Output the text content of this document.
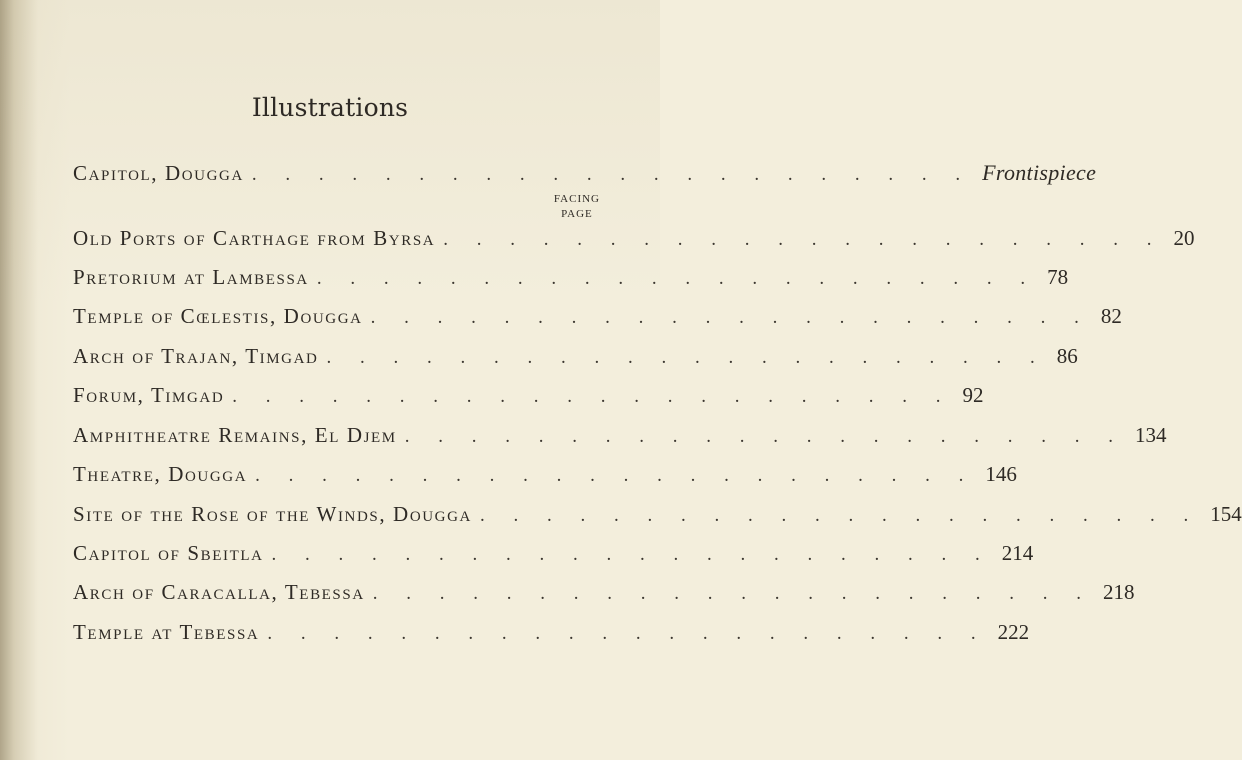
Illustrations
Capitol, Dougga . . . . . . . . . . . . . . . . . . . . . . Frontispiece
FACING
PAGE
Old Ports of Carthage from Byrsa . . . . . . . . . . . . . . . . . . . . . . 20
Pretorium at Lambessa . . . . . . . . . . . . . . . . . . . . . . 78
Temple of Cœlestis, Dougga . . . . . . . . . . . . . . . . . . . . . . 82
Arch of Trajan, Timgad . . . . . . . . . . . . . . . . . . . . . . 86
Forum, Timgad . . . . . . . . . . . . . . . . . . . . . . 92
Amphitheatre Remains, El Djem . . . . . . . . . . . . . . . . . . . . . . 134
Theatre, Dougga . . . . . . . . . . . . . . . . . . . . . . 146
Site of the Rose of the Winds, Dougga . . . . . . . . . . . . . . . . . . . . . . 154
Capitol of Sbeitla . . . . . . . . . . . . . . . . . . . . . . 214
Arch of Caracalla, Tebessa . . . . . . . . . . . . . . . . . . . . . . 218
Temple at Tebessa . . . . . . . . . . . . . . . . . . . . . . 222
